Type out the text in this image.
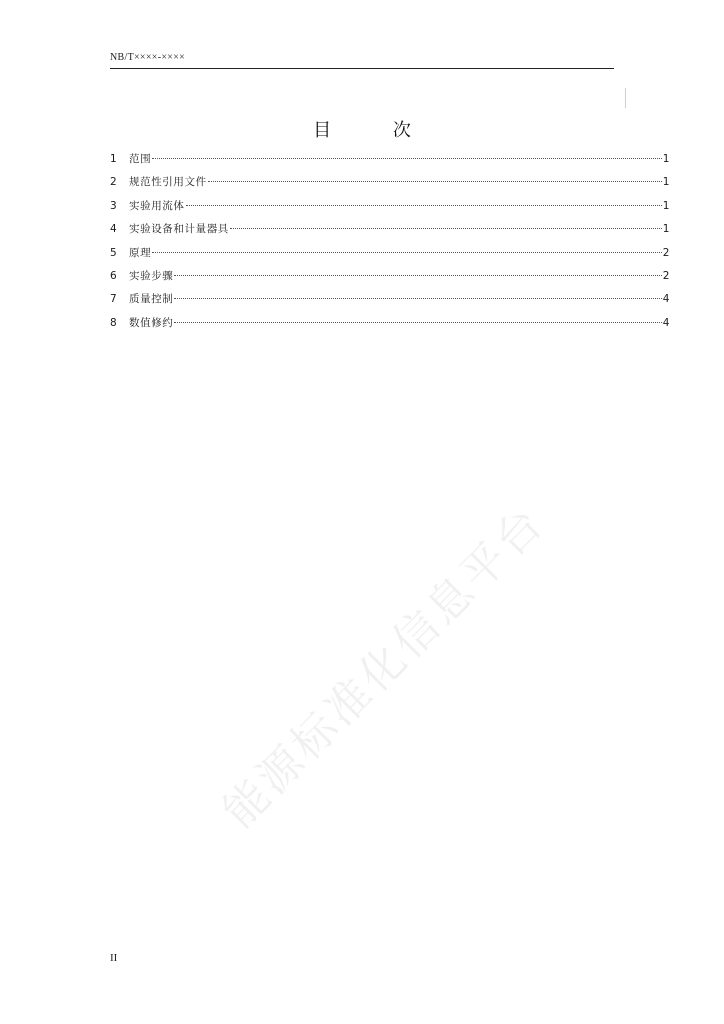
NB/T××××-××××
目 次
1	范围	1
2	规范性引用文件	1
3	实验用流体	1
4	实验设备和计量器具	1
5	原理	2
6	实验步骤	2
7	质量控制	4
8	数值修约	4
能源标准化信息平台
II
